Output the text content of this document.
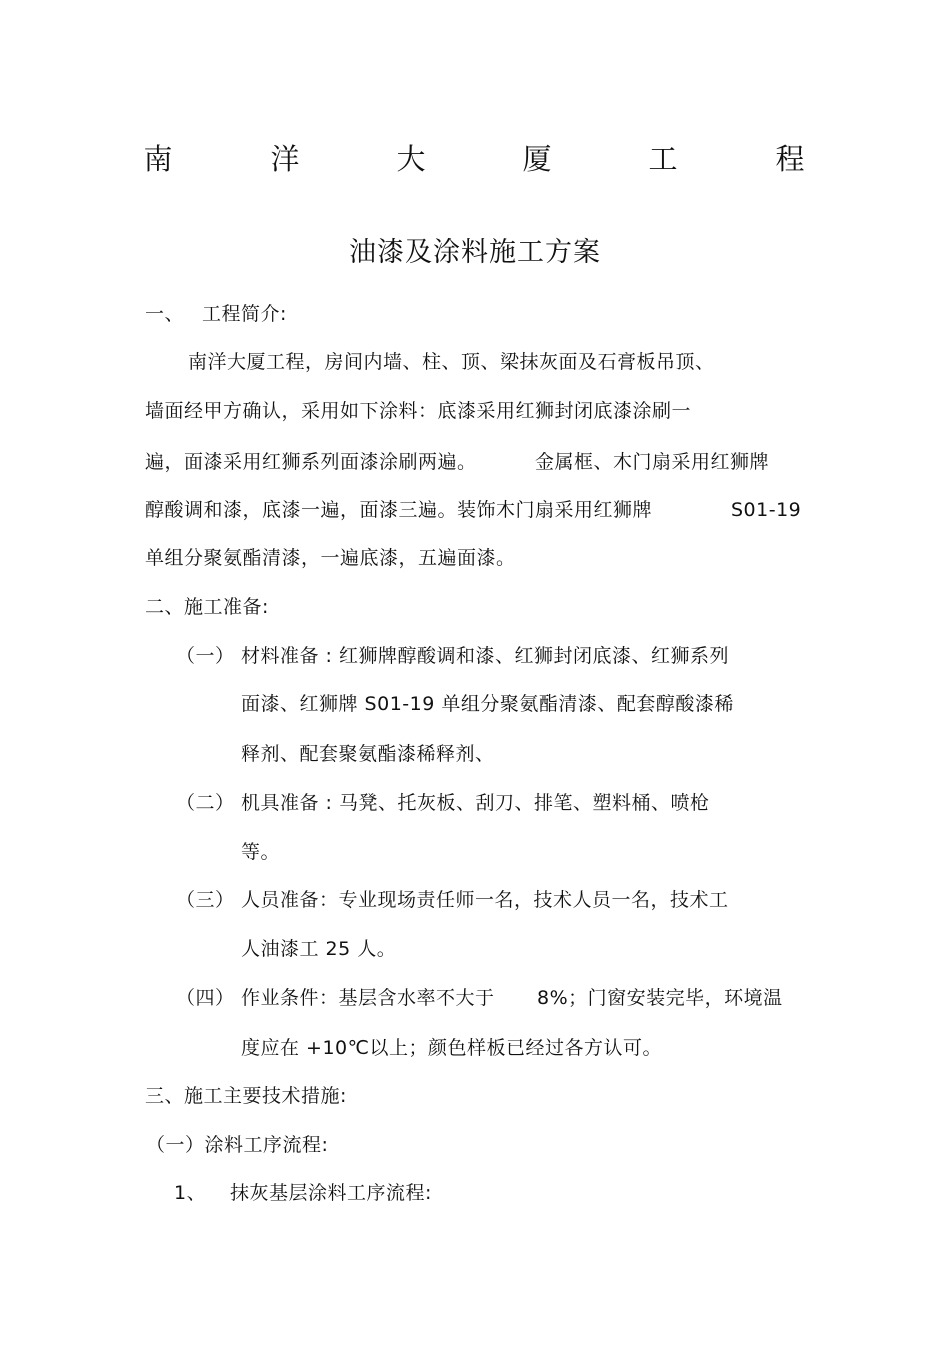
南	洋	大	厦	工	程
油漆及涂料施工方案
一、 工程简介:
南洋大厦工程，房间内墙、柱、顶、梁抹灰面及石膏板吊顶、
墙面经甲方确认，采用如下涂料：底漆采用红狮封闭底漆涂刷一
遍，面漆采用红狮系列面漆涂刷两遍。	金属框、木门扇采用红狮牌
醇酸调和漆，底漆一遍，面漆三遍。装饰木门扇采用红狮牌	S01-19
单组分聚氨酯清漆，一遍底漆，五遍面漆。
二、施工准备:
（一） 材料准备 : 红狮牌醇酸调和漆、红狮封闭底漆、红狮系列
面漆、红狮牌 S01-19 单组分聚氨酯清漆、配套醇酸漆稀
释剂、配套聚氨酯漆稀释剂、
（二） 机具准备 : 马凳、托灰板、刮刀、排笔、塑料桶、喷枪
等。
（三） 人员准备：专业现场责任师一名，技术人员一名，技术工
人油漆工 25 人。
（四） 作业条件：基层含水率不大于 8%；门窗安装完毕，环境温
度应在 +10℃以上；颜色样板已经过各方认可。
三、施工主要技术措施:
（一）涂料工序流程:
1、 抹灰基层涂料工序流程:
